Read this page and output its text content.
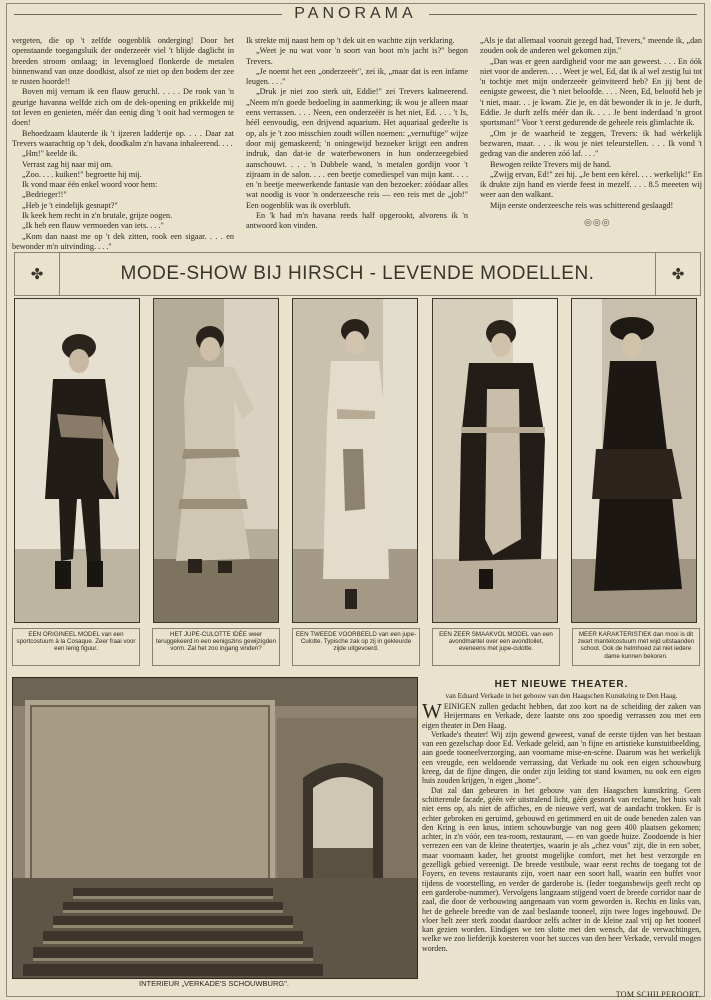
PANORAMA

vergeten, die op 't zelfde oogenblik onderging! Door het openstaande toegangsluik der onderzeeër viel 't blijde daglicht in breeden stroom omlaag; in levensgloed flonkerde de metalen binnenwand van onze doodkist, alsof ze niet op den bodem der zee te rusten hoorde!!

Boven mij vernam ik een flauw geruchl. . . . . De rook van 'n geurige havanna welfde zich om de dek-opening en prikkelde mij tot leven en genieten, méér dan eenig ding 't ooit had vermogen te doen!

Behoedzaam klauterde ik 't ijzeren laddertje op. . . . Daar zat Trevers waarachtig op 't dek, doodkalm z'n havana inhaleerend. . . .

„Hm!" keelde ik.

Verrast zag hij naar mij om.

„Zoo. . . . kuiken!" begroette hij mij.

Ik vond maar één enkel woord voor hem:

„Bedrieger!!"

„Heb je 't eindelijk gesnapt?"

Ik keek hem recht in z'n brutale, grijze oogen.

„Ik heb een flauw vermoeden van iets. . . ."

„Kom dan naast me op 't dek zitten, rook een sigaar. . . . en bewonder m'n uitvinding. . . ."

Ik strekte mij naast hem op 't dek uit en wachtte zijn verklaring.

„Weet je nu wat voor 'n soort van boot m'n jacht is?" begon Trevers.

„Je noemt het een „onderzeeër", zei ik, „maar dat is een infame leugen. . . ."

„Druk je niet zoo sterk uit, Eddie!" zei Trevers kalmeerend. „Neem m'n goede bedoeling in aanmerking; ik wou je alleen maar eens verrassen. . . . Neen, een onderzeëër is het niet, Ed. . . . 't Is, héél eenvoudig, een drijvend aquarium. Het aquariaal gedeelte is op, als je 't zoo misschien zoudt willen noemen: „vernuftige" wijze door mij gemaskeerd; 'n oningewijd bezoeker krijgt een andren indruk, dan dat-ie de waterbewoners in hun onderzeegebied aanschouwt. . . . 'n Dubbele wand, 'n metalen gordijn voor 't zijraam in de salon. . . . een beetje comediespel van mijn kant. . . . en 'n beetje meewerkende fantasie van den bezoeker: zóódaar alles wat noodig is voor 'n onderzeesche reis — een reis met de „job!" Een oogenblik was ik overbluft.

En 'k had m'n havana reeds half opgerookt, alvorens ik 'n antwoord kon vinden.

„Als je dat allemaal vooruit gezegd had, Trevers," meende ik, „dan zouden ook de anderen wel gekomen zijn."

„Dan was er geen aardigheid voor me aan geweest. . . . En óók niet voor de anderen. . . . Weet je wel, Ed, dat ik al wel zestig lui tot 'n tochtje met mijn onderzeeër geïnviteerd heb? En jij bent de eenigste geweest, die 't niet beloofde. . . . Neen, Ed, beloofd heb je 't niet, maar. . . je kwam. Zie je, en dát bewonder ik in je. Je durft, Eddie. Je durft zelfs méér dan ik. . . . Je bent inderdaad 'n groot sportsman!" Voor 't eerst gedurende de geheele reis glimlachte ik.

„Om je de waarheid te zeggen, Trevers: ik had wérkelijk bezwaren, maar. . . . ik wou je niet teleurstellen. . . . Ik vond 't gedrag van die anderen zóó laf. . . ."

Bewogen reikte Trevers mij de hand.

„Zwijg ervan, Ed!" zei hij. „Je bent een kérel. . . . werkelijk!" En ik drukte zijn hand en vierde feest in mezelf. . . . 8.5 meeeten wij weer aan den walkant.

Mijn eerste onderzeesche reis was schitterend geslaagd!

◎◎◎
✤	MODE-SHOW BIJ HIRSCH - LEVENDE MODELLEN.	✤
EEN ORIGINEEL MODEL van een sportcostuum à la Cosaque. Zeer fraai voor een lenig figuur.
HET JUPE-CULOTTE IDÉE weer teruggekeerd in een eenigszins gewijzigden vorm. Zal het zoo ingang vinden?
EEN TWEEDE VOORBEELD van een jupe-Culotte. Typische zak op zij in gekleurde zijde uitgevoerd.
EEN ZEER SMAAKVOL MODEL van een avondmantel over een avondtoilet, eveneens met jupe-culotte.
MEER KARAKTERISTIEK dan mooi is dit zwart mantelcostuum met wijd uitstaanden schoot. Ook de helmhoed zal niet iedere dame kunnen bekoren.
INTERIEUR „VERKADE'S SCHOUWBURG".
HET NIEUWE THEATER.
van Eduard Verkade in het gebouw van den Haagschen Kunstkring te Den Haag.

WEINIGEN zullen gedacht hebben, dat zoo kort na de scheiding der zaken van Heijermans en Verkade, deze laatste ons zoo spoedig verrassen zou met een eigen theater in Den Haag.

Verkade's theater! Wij zijn gewend geweest, vanaf de eerste tijden van het bestaan van een gezelschap door Ed. Verkade geleid, aan 'n fijne en artistieke kunstuitbeelding, aan goede tooneelverzorging, aan voorname mise-en-scène. Daarom was het werkelijk een vreugde, een weldoende verrassing, dat Verkade nu ook een eigen schouwburg kreeg, dat de fijne dingen, die onder zijn leiding tot stand kwamen, nu ook een eigen huis zouden krijgen, 'n eigen „home".

Dat zal dan gebeuren in het gebouw van den Haagschen kunstkring. Geen schitterende facade, géén vér uitstralend licht, géén gesnork van reclame, het huis valt niet eens op, als niet de affiches, en de nieuwe verf, wat de aandacht trokken. Er is echter gebroken en geruimd, gebouwd en getimmerd en uit de oude beneden zalen van den Kring is een knus, intiem schouwburgje van nog geen 400 plaatsen gekomen; achter, in z'n vóór, een tea-room, restaurant, — en van goede huize. Zoodoende is hier verrezen een van de kleine theatertjes, waarin je als „chez vous" zijt, die in een sober, maar voornaam kader, het grootst mogelijke comfort, met het best verzorgde en gezelligk gebied vereenigt. De breede vestibule, waar eerst rechts de toegang tot de Foyers, en tevens restaurants zijn, voert naar een soort hall, waarin een buffet voor tijdens de voorstelling, en verder de garderobe is. (Ieder toegansbewijs geeft recht op een garderobe-nummer). Vervolgens langzaam stijgend voert de breede corridor naar de zaal, die door de verbouwing aangenaam van vorm geworden is. Rechts en links van, het de geheele breedte van de zaal beslaande tooneel, zijn twee loges ingebouwd. De vloer helt zeer sterk zoodat daardoor zelfs achter in de kleine zaal vrij op het tooneel kan gezien worden. Eindigen we ten slotte met den wensch, dat de verwachtingen, welke we zoo liefderijk koesteren voor het succes van den heer Verkade, vervuld mogen worden.

TOM SCHILPEROORT.
